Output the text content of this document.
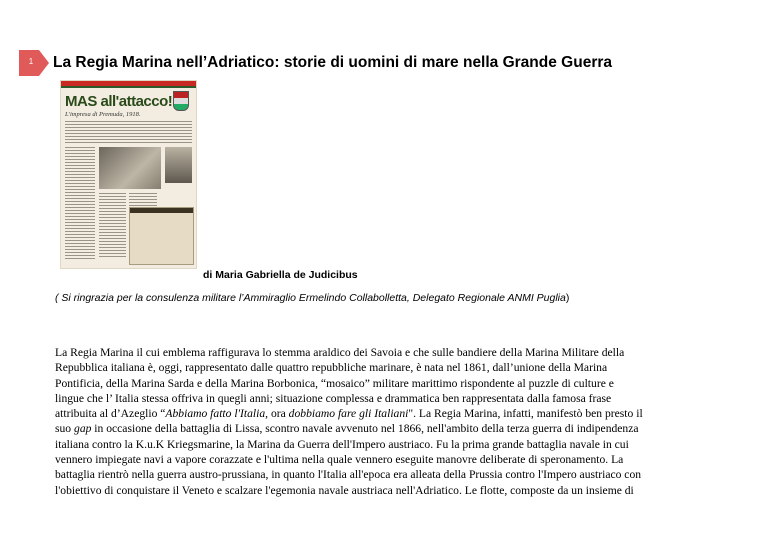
1	La Regia Marina nell’Adriatico: storie di uomini di mare nella Grande Guerra
MAS all'attacco!
L'impresa di Premuda, 1918.
di Maria Gabriella de Judicibus
( Si ringrazia per la consulenza militare l’Ammiraglio Ermelindo Collabolletta, Delegato Regionale ANMI Puglia)

La Regia Marina il cui emblema raffigurava lo stemma araldico dei Savoia e che sulle bandiere della Marina Militare della

Repubblica italiana è, oggi, rappresentato dalle quattro repubbliche marinare, è nata nel 1861, dall’unione della Marina

Pontificia, della Marina Sarda e della Marina Borbonica, “mosaico” militare marittimo rispondente al puzzle di culture e

lingue che l’ Italia stessa offriva in quegli anni; situazione complessa e drammatica ben rappresentata dalla famosa frase

attribuita al d’Azeglio “Abbiamo fatto l'Italia, ora dobbiamo fare gli Italiani". La Regia Marina, infatti, manifestò ben presto il

suo gap in occasione della battaglia di Lissa, scontro navale avvenuto nel 1866, nell'ambito della terza guerra di indipendenza

italiana contro la K.u.K Kriegsmarine, la Marina da Guerra dell'Impero austriaco. Fu la prima grande battaglia navale in cui

vennero impiegate navi a vapore corazzate e l'ultima nella quale vennero eseguite manovre deliberate di speronamento. La

battaglia rientrò nella guerra austro-prussiana, in quanto l'Italia all'epoca era alleata della Prussia contro l'Impero austriaco con

l'obiettivo di conquistare il Veneto e scalzare l'egemonia navale austriaca nell'Adriatico. Le flotte, composte da un insieme di
